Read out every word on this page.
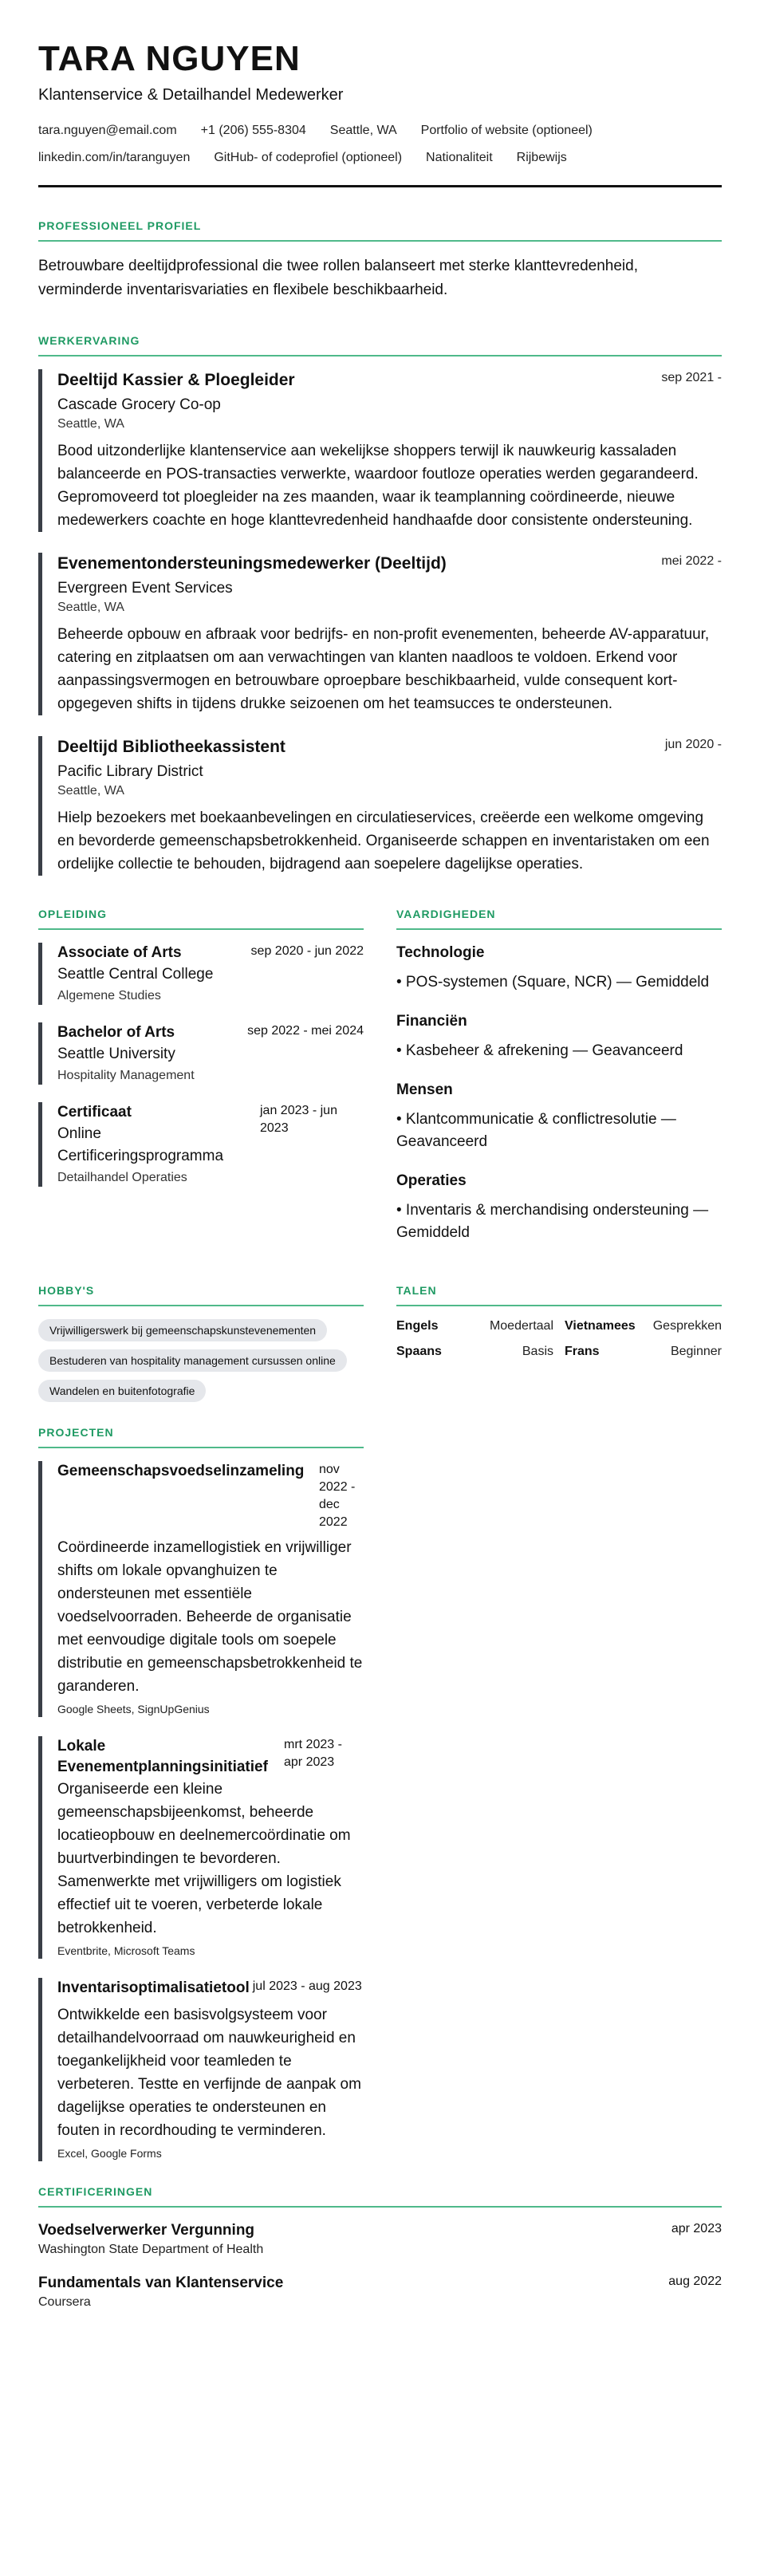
TARA NGUYEN
Klantenservice & Detailhandel Medewerker
tara.nguyen@email.com +1 (206) 555-8304 Seattle, WA Portfolio of website (optioneel)
linkedin.com/in/taranguyen GitHub- of codeprofiel (optioneel) Nationaliteit Rijbewijs
PROFESSIONEEL PROFIEL

Betrouwbare deeltijdprofessional die twee rollen balanseert met sterke klanttevredenheid, verminderde inventarisvariaties en flexibele beschikbaarheid.

WERKERVARING
Deeltijd Kassier & Ploegleider	sep 2021 -
Cascade Grocery Co-op
Seattle, WA

Bood uitzonderlijke klantenservice aan wekelijkse shoppers terwijl ik nauwkeurig kassaladen balanceerde en POS-transacties verwerkte, waardoor foutloze operaties werden gegarandeerd. Gepromoveerd tot ploegleider na zes maanden, waar ik teamplanning coördineerde, nieuwe medewerkers coachte en hoge klanttevredenheid handhaafde door consistente ondersteuning.

Evenementondersteuningsmedewerker (Deeltijd)	mei 2022 -
Evergreen Event Services
Seattle, WA

Beheerde opbouw en afbraak voor bedrijfs- en non-profit evenementen, beheerde AV-apparatuur, catering en zitplaatsen om aan verwachtingen van klanten naadloos te voldoen. Erkend voor aanpassingsvermogen en betrouwbare oproepbare beschikbaarheid, vulde consequent kort-opgegeven shifts in tijdens drukke seizoenen om het teamsucces te ondersteunen.

Deeltijd Bibliotheekassistent	jun 2020 -
Pacific Library District
Seattle, WA

Hielp bezoekers met boekaanbevelingen en circulatieservices, creëerde een welkome omgeving en bevorderde gemeenschapsbetrokkenheid. Organiseerde schappen en inventaristaken om een ordelijke collectie te behouden, bijdragend aan soepelere dagelijkse operaties.

OPLEIDING
Associate of Arts	sep 2020 - jun 2022
Seattle Central College
Algemene Studies
Bachelor of Arts	sep 2022 - mei 2024
Seattle University
Hospitality Management
Certificaat
Online Certificeringsprogramma
jan 2023 - jun 2023
Detailhandel Operaties
VAARDIGHEDEN
Technologie
• POS-systemen (Square, NCR) — Gemiddeld
Financiën
• Kasbeheer & afrekening — Geavanceerd
Mensen
• Klantcommunicatie & conflictresolutie — Geavanceerd
Operaties
• Inventaris & merchandising ondersteuning — Gemiddeld
HOBBY'S
Vrijwilligerswerk bij gemeenschapskunstevenementen
Bestuderen van hospitality management cursussen online
Wandelen en buitenfotografie
TALEN
Engels	Moedertaal Vietnamees Gesprekken
Spaans	Basis Frans	Beginner
PROJECTEN
Gemeenschapsvoedselinzameling nov 2022 - dec 2022

Coördineerde inzamellogistiek en vrijwilliger shifts om lokale opvanghuizen te ondersteunen met essentiële voedselvoorraden. Beheerde de organisatie met eenvoudige digitale tools om soepele distributie en gemeenschapsbetrokkenheid te garanderen.

Google Sheets, SignUpGenius
Lokale Evenementplanningsinitiatief
mrt 2023 - apr 2023

Organiseerde een kleine gemeenschapsbijeenkomst, beheerde locatieopbouw en deelnemercoördinatie om buurtverbindingen te bevorderen. Samenwerkte met vrijwilligers om logistiek effectief uit te voeren, verbeterde lokale betrokkenheid.

Eventbrite, Microsoft Teams
Inventarisoptimalisatietool jul 2023 - aug 2023

Ontwikkelde een basisvolgsysteem voor detailhandelvoorraad om nauwkeurigheid en toegankelijkheid voor teamleden te verbeteren. Testte en verfijnde de aanpak om dagelijkse operaties te ondersteunen en fouten in recordhouding te verminderen.

Excel, Google Forms
CERTIFICERINGEN
Voedselverwerker Vergunning	apr 2023
Washington State Department of Health
Fundamentals van Klantenservice	aug 2022
Coursera
